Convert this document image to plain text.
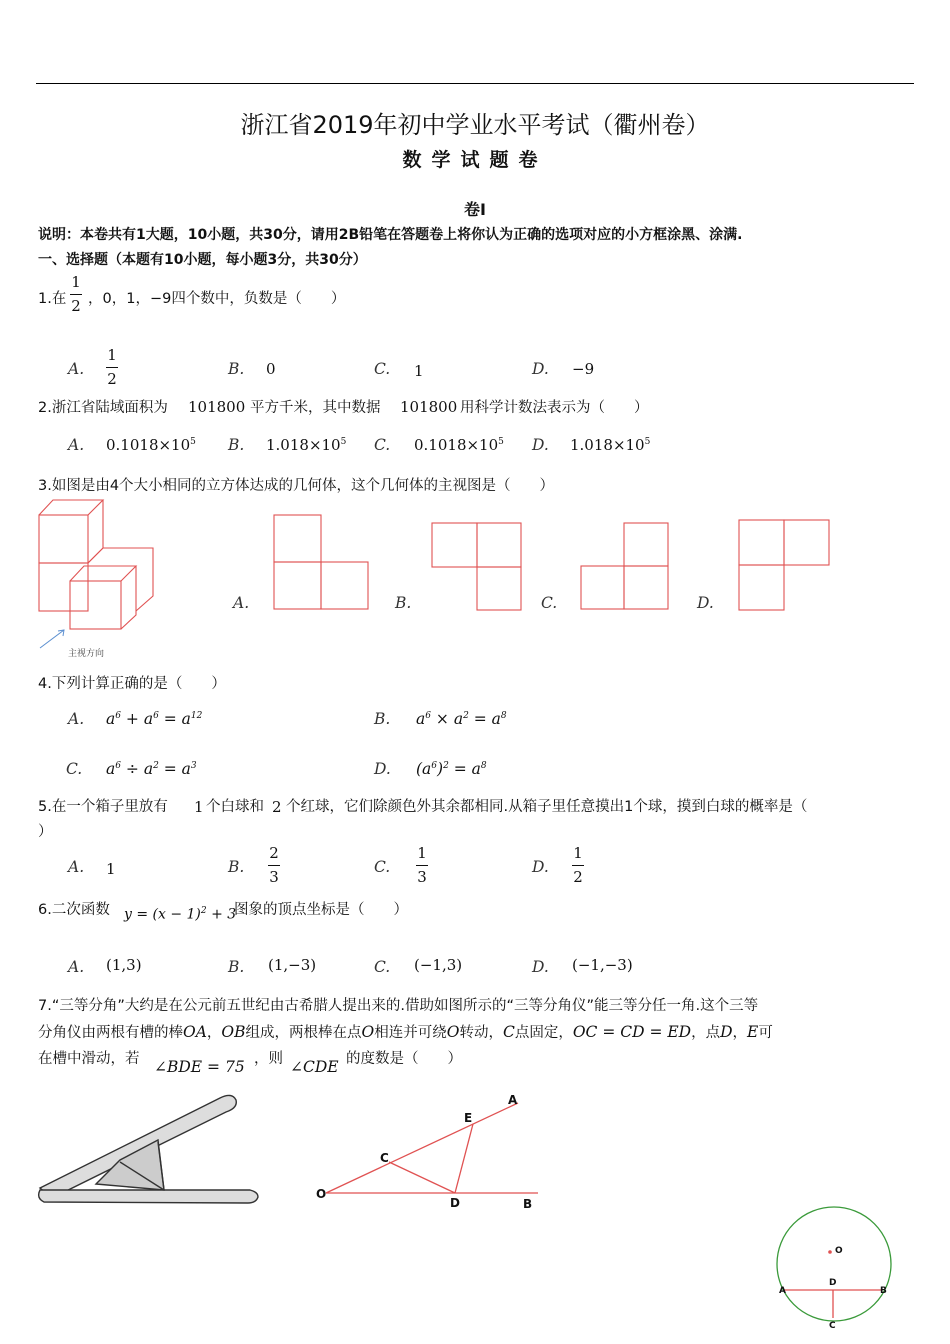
浙江省2019年初中学业水平考试（衢州卷）
数学试题卷
卷Ⅰ
说明：本卷共有1大题，10小题，共30分，请用2B铅笔在答题卷上将你认为正确的选项对应的小方框涂黑、涂满.
一、选择题（本题有10小题，每小题3分，共30分）
1.在
1
2 ，0，1，−9四个数中，负数是（　　）
A.
1
2
B. 0	C. 1	D. −9
2.浙江省陆域面积为 101800 平方千米，其中数据 101800 用科学计数法表示为（　　）
A. $0.1018\times 10^5$ B. $1.018\times 10^5$ C. $0.1018\times 10^5$ D. $1.018\times 10^5$
3.如图是由4个大小相同的立方体达成的几何体，这个几何体的主视图是（　　）
主视方向
A.	B.	C.	D.
4.下列计算正确的是（　　）
A. $a^6 + a^6 = a^{12}$	B. $a^6 \times a^2 = a^8$
C. $a^6 \div a^2 = a^3$	D. $(a^6)^2 = a^8$
5.在一个箱子里放有 1 个白球和 2 个红球，它们除颜色外其余都相同.从箱子里任意摸出1个球，摸到白球的概率是（
）
A. 1	B.
2
3
C.
1
3
D.
1
2
6.二次函数 $y = (x - 1)^2 + 3$
图象的顶点坐标是（　　）
A. (1,3)	B. (1,−3)	C. (−1,3)	D. (−1,−3)
7.“三等分角”大约是在公元前五世纪由古希腊人提出来的.借助如图所示的“三等分角仪”能三等分任一角.这个三等
分角仪由两根有槽的棒OA，OB组成，两根棒在点O相连并可绕O转动，C点固定，OC = CD = ED，点D，E可
在槽中滑动，若 ∠BDE = 75 ，则 ∠CDE 的度数是（　　）
O
C
E
A
D	B
O
D
A	B
C
